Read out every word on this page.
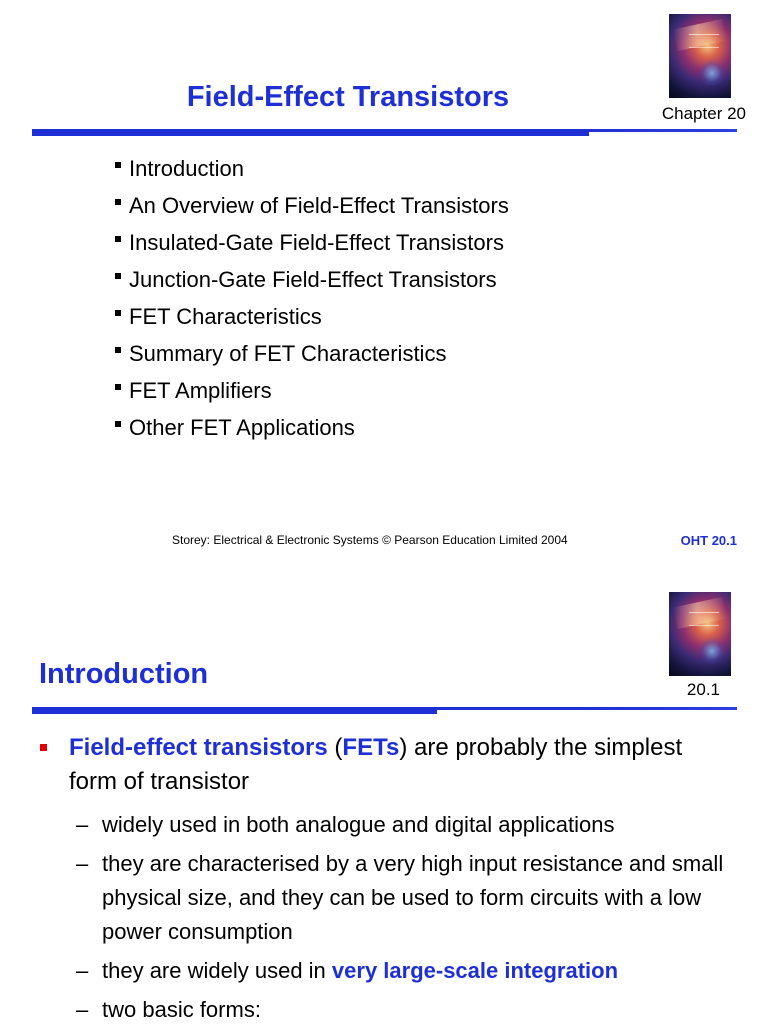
Field-Effect Transistors
Chapter 20
Introduction
An Overview of Field-Effect Transistors
Insulated-Gate Field-Effect Transistors
Junction-Gate Field-Effect Transistors
FET Characteristics
Summary of FET Characteristics
FET Amplifiers
Other FET Applications
Storey: Electrical & Electronic Systems © Pearson Education Limited 2004	OHT 20.1
Introduction	20.1
Field-effect transistors (FETs) are probably the simplest form of transistor
– widely used in both analogue and digital applications
– they are characterised by a very high input resistance and small physical size, and they can be used to form circuits with a low power consumption
– they are widely used in very large-scale integration
– two basic forms:
